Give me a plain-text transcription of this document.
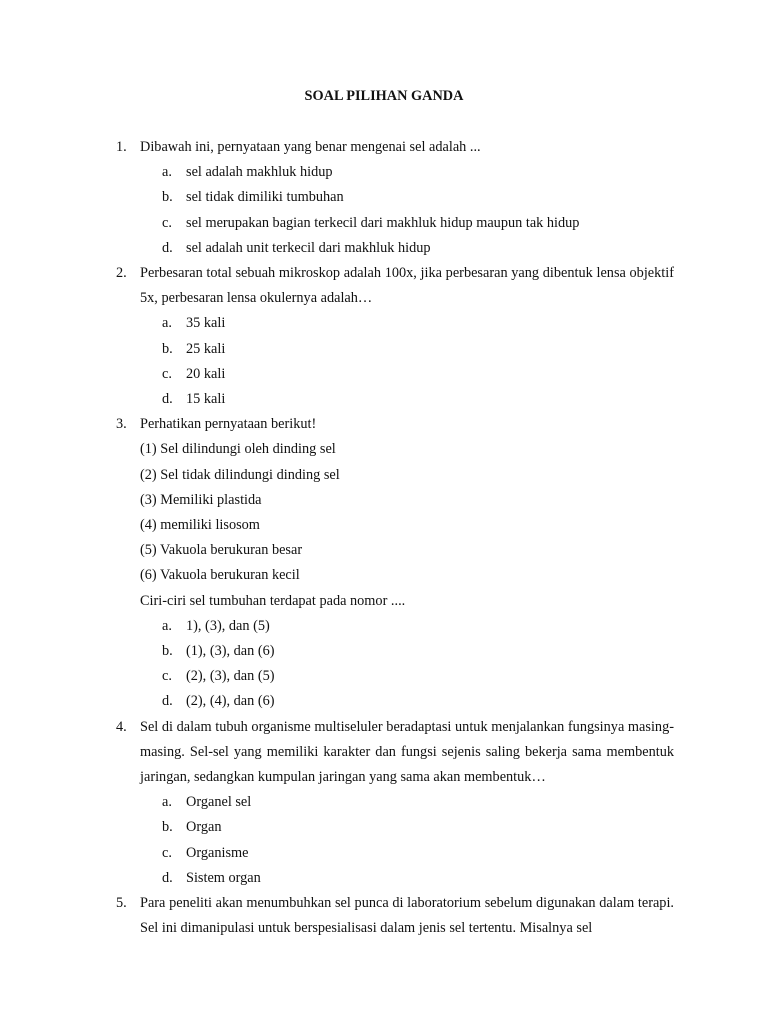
SOAL PILIHAN GANDA
1. Dibawah ini, pernyataan yang benar mengenai sel adalah ...
a. sel adalah makhluk hidup
b. sel tidak dimiliki tumbuhan
c. sel merupakan bagian terkecil dari makhluk hidup maupun tak hidup
d. sel adalah unit terkecil dari makhluk hidup
2. Perbesaran total sebuah mikroskop adalah 100x, jika perbesaran yang dibentuk lensa objektif 5x, perbesaran lensa okulernya adalah…
a. 35 kali
b. 25 kali
c. 20 kali
d. 15 kali
3. Perhatikan pernyataan berikut!
(1) Sel dilindungi oleh dinding sel
(2) Sel tidak dilindungi dinding sel
(3) Memiliki plastida
(4) memiliki lisosom
(5) Vakuola berukuran besar
(6) Vakuola berukuran kecil
Ciri-ciri sel tumbuhan terdapat pada nomor ....
a. 1), (3), dan (5)
b. (1), (3), dan (6)
c. (2), (3), dan (5)
d. (2), (4), dan (6)
4. Sel di dalam tubuh organisme multiseluler beradaptasi untuk menjalankan fungsinya masing-masing. Sel-sel yang memiliki karakter dan fungsi sejenis saling bekerja sama membentuk jaringan, sedangkan kumpulan jaringan yang sama akan membentuk…
a. Organel sel
b. Organ
c. Organisme
d. Sistem organ
5. Para peneliti akan menumbuhkan sel punca di laboratorium sebelum digunakan dalam terapi. Sel ini dimanipulasi untuk berspesialisasi dalam jenis sel tertentu. Misalnya sel
